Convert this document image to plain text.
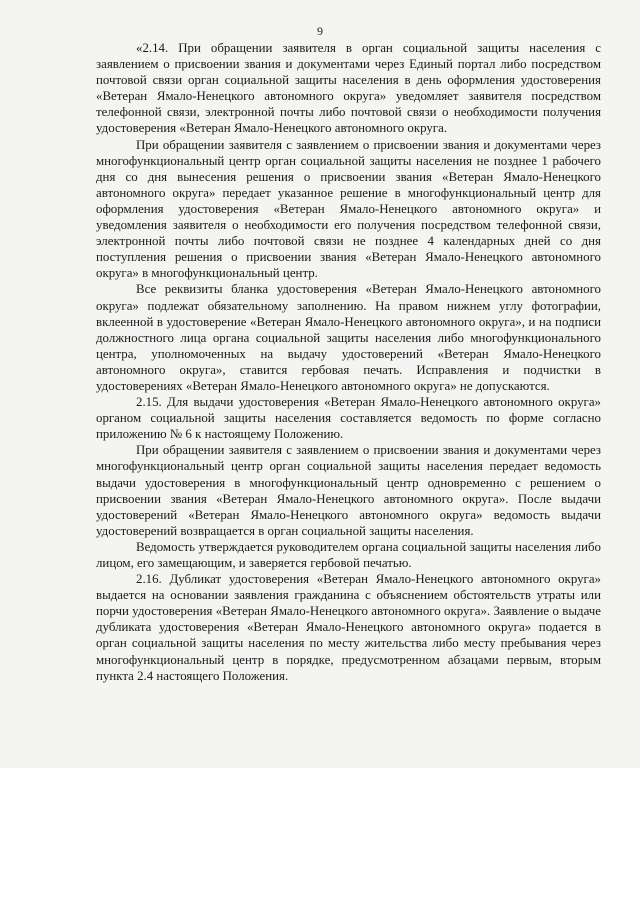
9

«2.14. При обращении заявителя в орган социальной защиты населения с заявлением о присвоении звания и документами через Единый портал либо посредством почтовой связи орган социальной защиты населения в день оформления удостоверения «Ветеран Ямало-Ненецкого автономного округа» уведомляет заявителя посредством телефонной связи, электронной почты либо почтовой связи о необходимости получения удостоверения «Ветеран Ямало-Ненецкого автономного округа.

При обращении заявителя с заявлением о присвоении звания и документами через многофункциональный центр орган социальной защиты населения не позднее 1 рабочего дня со дня вынесения решения о присвоении звания «Ветеран Ямало-Ненецкого автономного округа» передает указанное решение в многофункциональный центр для оформления удостоверения «Ветеран Ямало-Ненецкого автономного округа» и уведомления заявителя о необходимости его получения посредством телефонной связи, электронной почты либо почтовой связи не позднее 4 календарных дней со дня поступления решения о присвоении звания «Ветеран Ямало-Ненецкого автономного округа» в многофункциональный центр.

Все реквизиты бланка удостоверения «Ветеран Ямало-Ненецкого автономного округа» подлежат обязательному заполнению. На правом нижнем углу фотографии, вклеенной в удостоверение «Ветеран Ямало-Ненецкого автономного округа», и на подписи должностного лица органа социальной защиты населения либо многофункционального центра, уполномоченных на выдачу удостоверений «Ветеран Ямало-Ненецкого автономного округа», ставится гербовая печать. Исправления и подчистки в удостоверениях «Ветеран Ямало-Ненецкого автономного округа» не допускаются.

2.15. Для выдачи удостоверения «Ветеран Ямало-Ненецкого автономного округа» органом социальной защиты населения составляется ведомость по форме согласно приложению № 6 к настоящему Положению.

При обращении заявителя с заявлением о присвоении звания и документами через многофункциональный центр орган социальной защиты населения передает ведомость выдачи удостоверения в многофункциональный центр одновременно с решением о присвоении звания «Ветеран Ямало-Ненецкого автономного округа». После выдачи удостоверений «Ветеран Ямало-Ненецкого автономного округа» ведомость выдачи удостоверений возвращается в орган социальной защиты населения.

Ведомость утверждается руководителем органа социальной защиты населения либо лицом, его замещающим, и заверяется гербовой печатью.

2.16. Дубликат удостоверения «Ветеран Ямало-Ненецкого автономного округа» выдается на основании заявления гражданина с объяснением обстоятельств утраты или порчи удостоверения «Ветеран Ямало-Ненецкого автономного округа». Заявление о выдаче дубликата удостоверения «Ветеран Ямало-Ненецкого автономного округа» подается в орган социальной защиты населения по месту жительства либо месту пребывания через многофункциональный центр в порядке, предусмотренном абзацами первым, вторым пункта 2.4 настоящего Положения.
